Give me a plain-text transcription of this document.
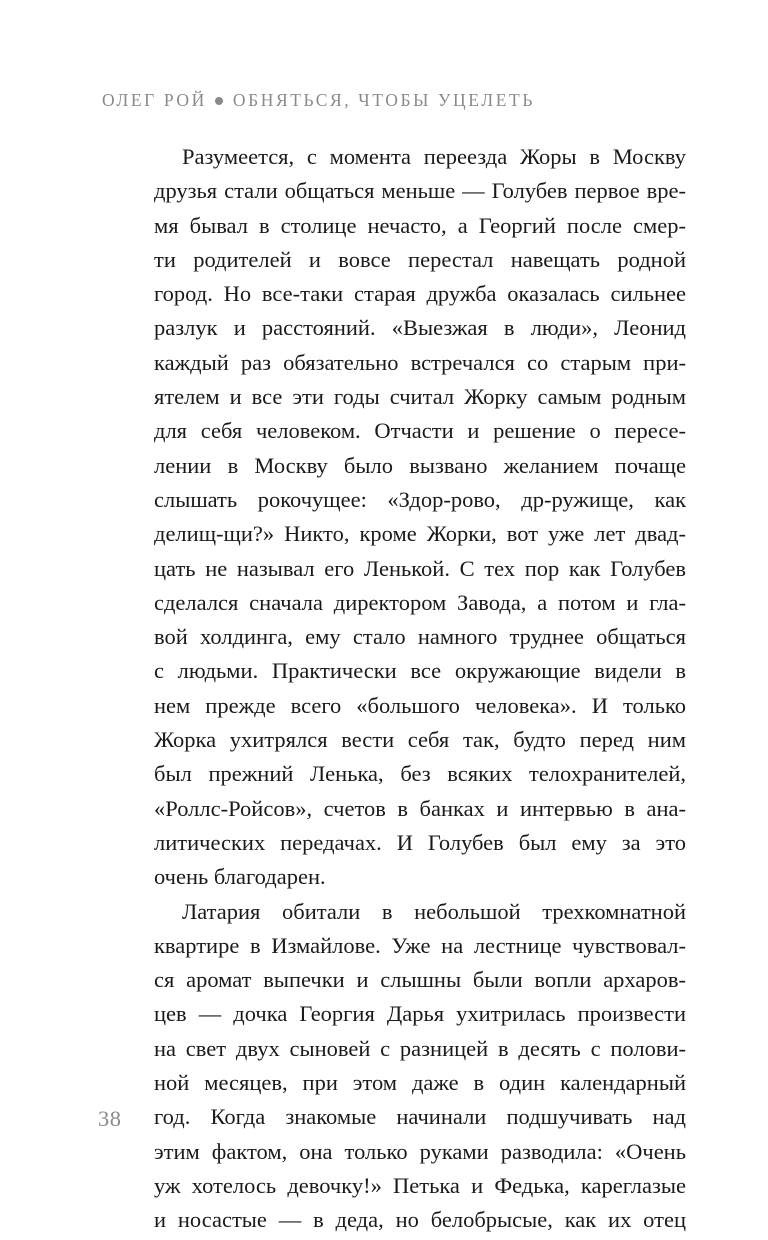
ОЛЕГ РОЙ ОБНЯТЬСЯ, ЧТОБЫ УЦЕЛЕТЬ
Разумеется, с момента переезда Жоры в Москву
друзья стали общаться меньше — Голубев первое вре-
мя бывал в столице нечасто, а Георгий после смер-
ти родителей и вовсе перестал навещать родной
город. Но все-таки старая дружба оказалась сильнее
разлук и расстояний. «Выезжая в люди», Леонид
каждый раз обязательно встречался со старым при-
ятелем и все эти годы считал Жорку самым родным
для себя человеком. Отчасти и решение о пересе-
лении в Москву было вызвано желанием почаще
слышать рокочущее: «Здор-рово, др-ружище, как
делищ-щи?» Никто, кроме Жорки, вот уже лет двад-
цать не называл его Ленькой. С тех пор как Голубев
сделался сначала директором Завода, а потом и гла-
вой холдинга, ему стало намного труднее общаться
с людьми. Практически все окружающие видели в
нем прежде всего «большого человека». И только
Жорка ухитрялся вести себя так, будто перед ним
был прежний Ленька, без всяких телохранителей,
«Роллс-Ройсов», счетов в банках и интервью в ана-
литических передачах. И Голубев был ему за это
очень благодарен.
Латария обитали в небольшой трехкомнатной
квартире в Измайлове. Уже на лестнице чувствовал-
ся аромат выпечки и слышны были вопли архаров-
цев — дочка Георгия Дарья ухитрилась произвести
на свет двух сыновей с разницей в десять с полови-
ной месяцев, при этом даже в один календарный
год. Когда знакомые начинали подшучивать над
этим фактом, она только руками разводила: «Очень
уж хотелось девочку!» Петька и Федька, кареглазые
и носастые — в деда, но белобрысые, как их отец
38
